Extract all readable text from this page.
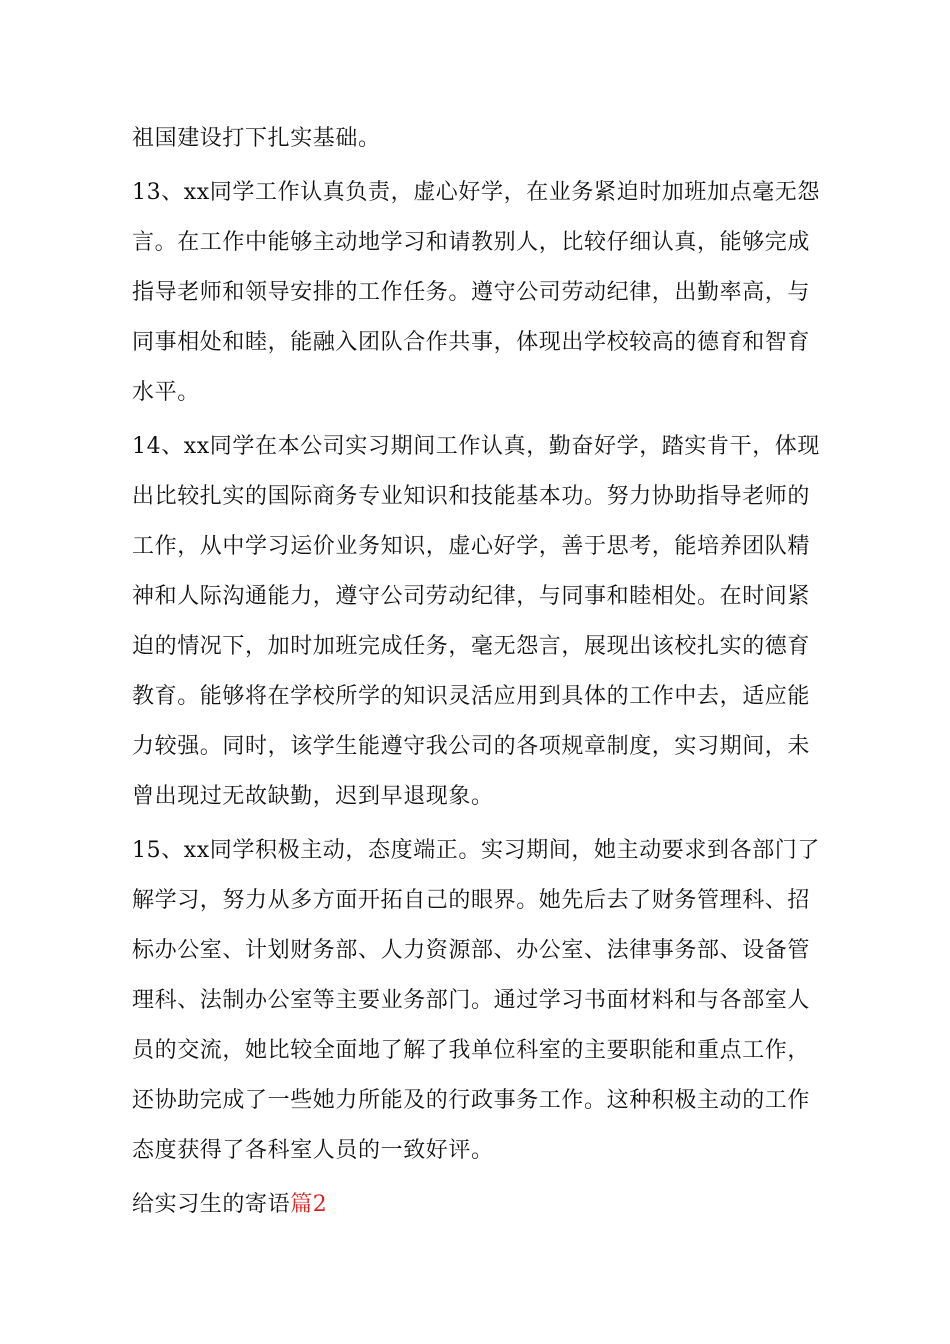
祖国建设打下扎实基础。
13、xx同学工作认真负责，虚心好学，在业务紧迫时加班加点毫无怨
言。在工作中能够主动地学习和请教别人，比较仔细认真，能够完成
指导老师和领导安排的工作任务。遵守公司劳动纪律，出勤率高，与
同事相处和睦，能融入团队合作共事，体现出学校较高的德育和智育
水平。
14、xx同学在本公司实习期间工作认真，勤奋好学，踏实肯干，体现
出比较扎实的国际商务专业知识和技能基本功。努力协助指导老师的
工作，从中学习运价业务知识，虚心好学，善于思考，能培养团队精
神和人际沟通能力，遵守公司劳动纪律，与同事和睦相处。在时间紧
迫的情况下，加时加班完成任务，毫无怨言，展现出该校扎实的德育
教育。能够将在学校所学的知识灵活应用到具体的工作中去，适应能
力较强。同时，该学生能遵守我公司的各项规章制度，实习期间，未
曾出现过无故缺勤，迟到早退现象。
15、xx同学积极主动，态度端正。实习期间，她主动要求到各部门了
解学习，努力从多方面开拓自己的眼界。她先后去了财务管理科、招
标办公室、计划财务部、人力资源部、办公室、法律事务部、设备管
理科、法制办公室等主要业务部门。通过学习书面材料和与各部室人
员的交流，她比较全面地了解了我单位科室的主要职能和重点工作，
还协助完成了一些她力所能及的行政事务工作。这种积极主动的工作
态度获得了各科室人员的一致好评。
给实习生的寄语篇2
